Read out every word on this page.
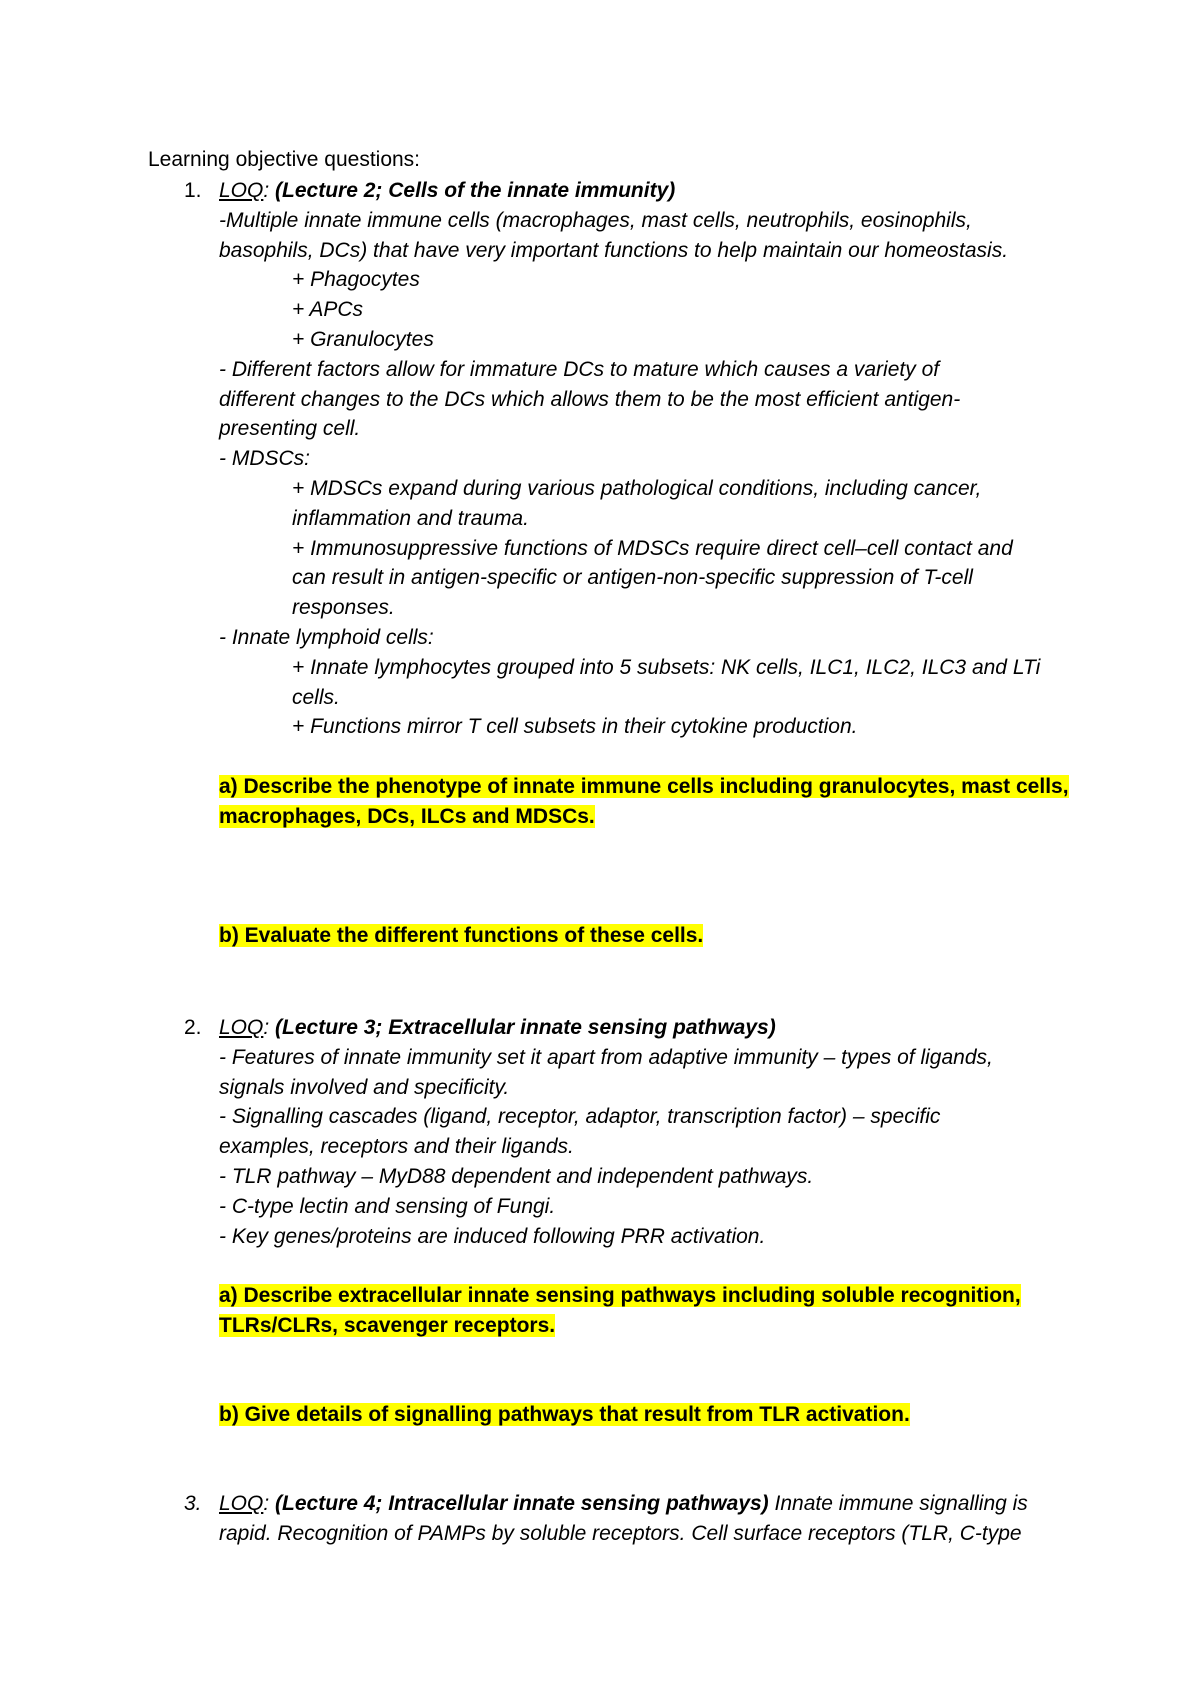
Learning objective questions:
1. LOQ: (Lecture 2; Cells of the innate immunity)

-Multiple innate immune cells (macrophages, mast cells, neutrophils, eosinophils,

basophils, DCs) that have very important functions to help maintain our homeostasis.

+ Phagocytes

+ APCs

+ Granulocytes

- Different factors allow for immature DCs to mature which causes a variety of

different changes to the DCs which allows them to be the most efficient antigen-

presenting cell.

- MDSCs:

+ MDSCs expand during various pathological conditions, including cancer,

inflammation and trauma.

+ Immunosuppressive functions of MDSCs require direct cell–cell contact and

can result in antigen-specific or antigen-non-specific suppression of T-cell

responses.

- Innate lymphoid cells:

+ Innate lymphocytes grouped into 5 subsets: NK cells, ILC1, ILC2, ILC3 and LTi

cells.

+ Functions mirror T cell subsets in their cytokine production.

a) Describe the phenotype of innate immune cells including granulocytes, mast cells,

macrophages, DCs, ILCs and MDSCs.

b) Evaluate the different functions of these cells.

2. LOQ: (Lecture 3; Extracellular innate sensing pathways)

- Features of innate immunity set it apart from adaptive immunity – types of ligands,

signals involved and specificity.

- Signalling cascades (ligand, receptor, adaptor, transcription factor) – specific

examples, receptors and their ligands.

- TLR pathway – MyD88 dependent and independent pathways.

- C-type lectin and sensing of Fungi.

- Key genes/proteins are induced following PRR activation.

a) Describe extracellular innate sensing pathways including soluble recognition,

TLRs/CLRs, scavenger receptors.

b) Give details of signalling pathways that result from TLR activation.

3. LOQ: (Lecture 4; Intracellular innate sensing pathways) Innate immune signalling is

rapid. Recognition of PAMPs by soluble receptors. Cell surface receptors (TLR, C-type
